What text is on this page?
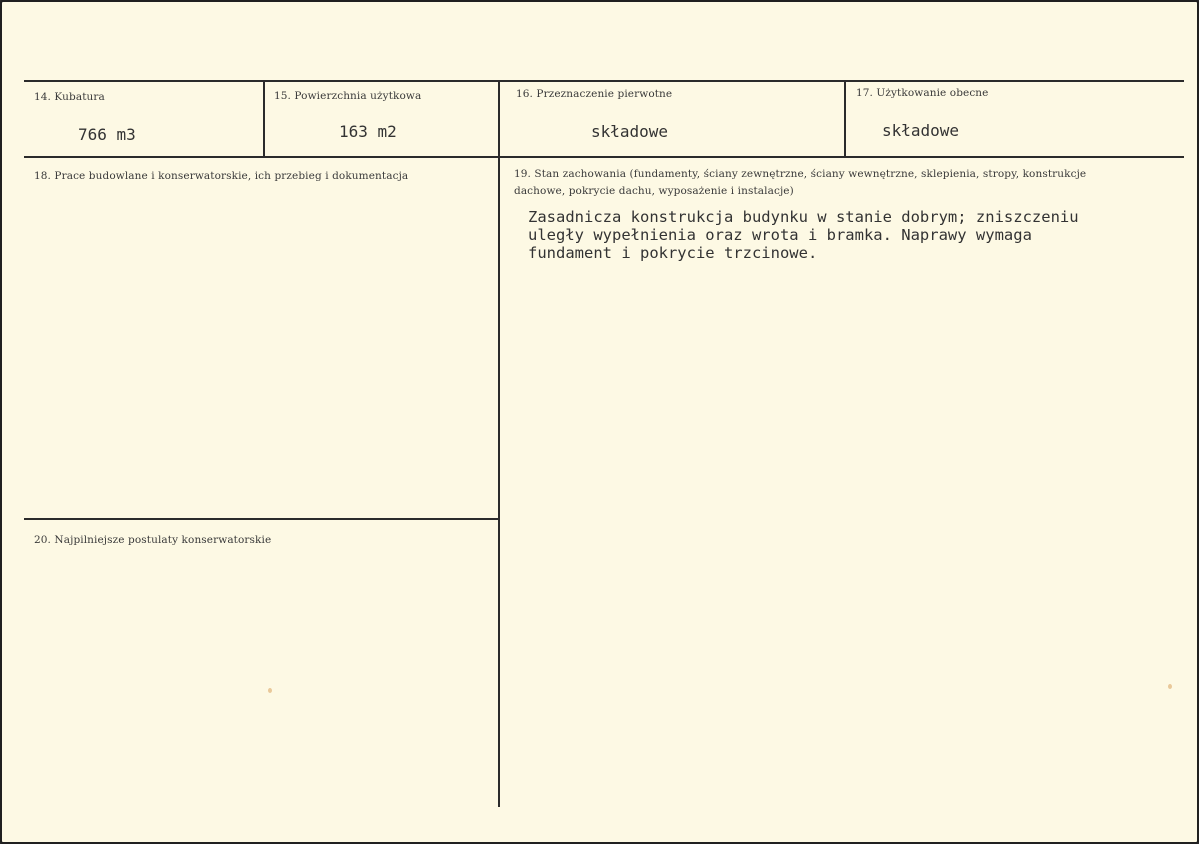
14. Kubatura
766 m3
15. Powierzchnia użytkowa
163 m2
16. Przeznaczenie pierwotne
składowe
17. Użytkowanie obecne
składowe
18. Prace budowlane i konserwatorskie, ich przebieg i dokumentacja	19. Stan zachowania (fundamenty, ściany zewnętrzne, ściany wewnętrzne, sklepienia, stropy, konstrukcje dachowe, pokrycie dachu, wyposażenie i instalacje)
Zasadnicza konstrukcja budynku w stanie dobrym; zniszczeniu
uległy wypełnienia oraz wrota i bramka. Naprawy wymaga
fundament i pokrycie trzcinowe.
20. Najpilniejsze postulaty konserwatorskie
